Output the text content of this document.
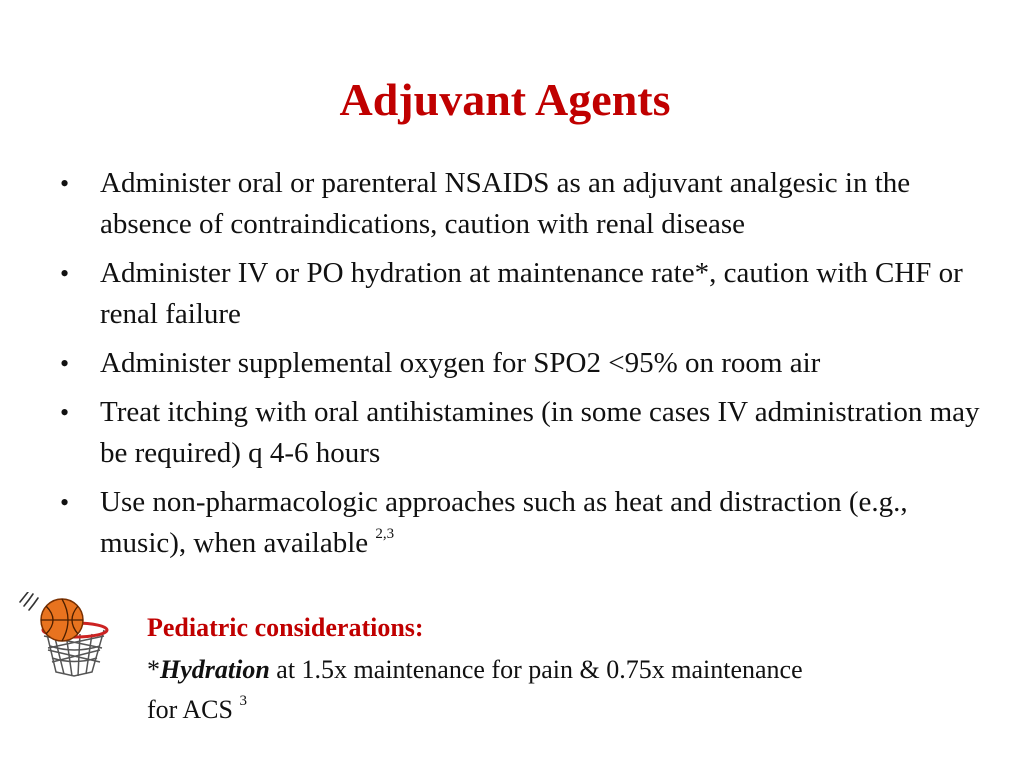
Adjuvant Agents
• Administer oral or parenteral NSAIDS as an adjuvant analgesic in the absence of contraindications, caution with renal disease
• Administer IV or PO hydration at maintenance rate*, caution with CHF or renal failure
• Administer supplemental oxygen for SPO2 <95% on room air
• Treat itching with oral antihistamines (in some cases IV administration may be required) q 4-6 hours
• Use non-pharmacologic approaches such as heat and distraction (e.g., music), when available $^{2,3}$
Pediatric considerations:
*Hydration at 1.5x maintenance for pain & 0.75x maintenance
for ACS $^3$
